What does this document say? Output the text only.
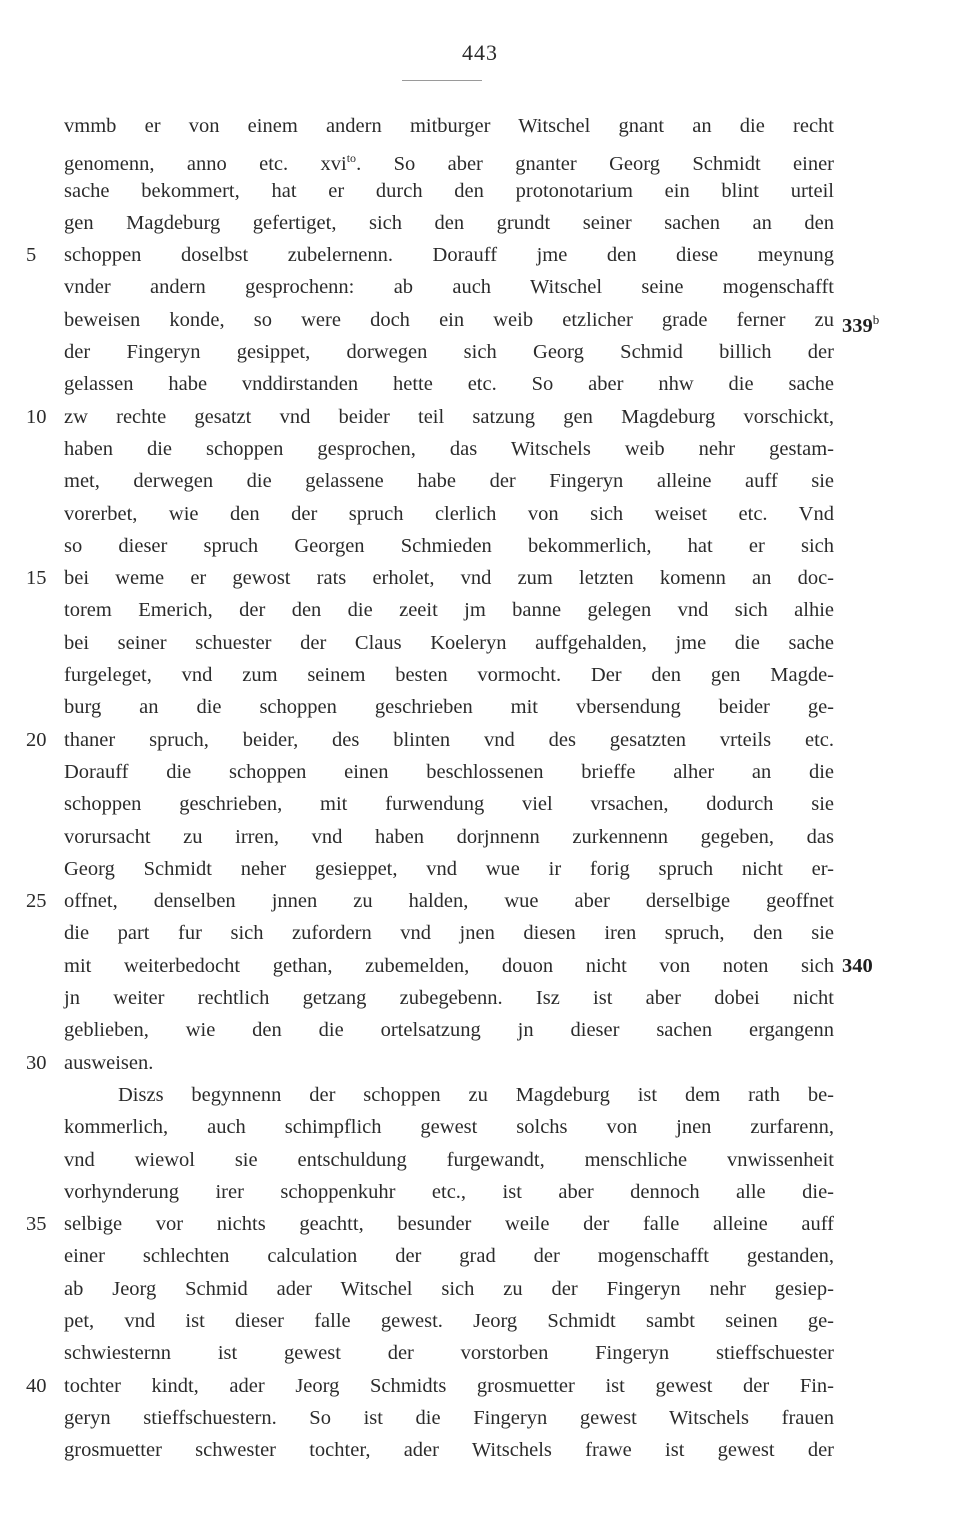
443
vmmb er von einem andern mitburger Witschel gnant an die recht
genomenn, anno etc. xvi$^{to}$. So aber gnanter Georg Schmidt einer
sache bekommert, hat er durch den protonotarium ein blint urteil
gen Magdeburg gefertiget, sich den grundt seiner sachen an den
5	schoppen doselbst zubelernenn. Dorauff jme den diese meynung
vnder andern gesprochenn: ab auch Witschel seine mogenschafft
beweisen konde, so were doch ein weib etzlicher grade ferner zu 339$^b$
der Fingeryn gesippet, dorwegen sich Georg Schmid billich der
gelassen habe vnddirstanden hette etc. So aber nhw die sache
10 zw rechte gesatzt vnd beider teil satzung gen Magdeburg vorschickt,
haben die schoppen gesprochen, das Witschels weib nehr gestam-
met, derwegen die gelassene habe der Fingeryn alleine auff sie
vorerbet, wie den der spruch clerlich von sich weiset etc. Vnd
so dieser spruch Georgen Schmieden bekommerlich, hat er sich
15 bei weme er gewost rats erholet, vnd zum letzten komenn an doc-
torem Emerich, der den die zeeit jm banne gelegen vnd sich alhie
bei seiner schuester der Claus Koeleryn auffgehalden, jme die sache
furgeleget, vnd zum seinem besten vormocht. Der den gen Magde-
burg an die schoppen geschrieben mit vbersendung beider ge-
20 thaner spruch, beider, des blinten vnd des gesatzten vrteils etc.
Dorauff die schoppen einen beschlossenen brieffe alher an die
schoppen geschrieben, mit furwendung viel vrsachen, dodurch sie
vorursacht zu irren, vnd haben dorjnnenn zurkennenn gegeben, das
Georg Schmidt neher gesieppet, vnd wue ir forig spruch nicht er-
25 offnet, denselben jnnen zu halden, wue aber derselbige geoffnet
die part fur sich zufordern vnd jnen diesen iren spruch, den sie
mit weiterbedocht gethan, zubemelden, douon nicht von noten sich 340
jn weiter rechtlich getzang zubegebenn. Isz ist aber dobei nicht
geblieben, wie den die ortelsatzung jn dieser sachen ergangenn
30 ausweisen.
Diszs begynnenn der schoppen zu Magdeburg ist dem rath be-
kommerlich, auch schimpflich gewest solchs von jnen zurfarenn,
vnd wiewol sie entschuldung furgewandt, menschliche vnwissenheit
vorhynderung irer schoppenkuhr etc., ist aber dennoch alle die-
35 selbige vor nichts geachtt, besunder weile der falle alleine auff
einer schlechten calculation der grad der mogenschafft gestanden,
ab Jeorg Schmid ader Witschel sich zu der Fingeryn nehr gesiep-
pet, vnd ist dieser falle gewest. Jeorg Schmidt sambt seinen ge-
schwiesternn ist gewest der vorstorben Fingeryn stieffschuester
40 tochter kindt, ader Jeorg Schmidts grosmuetter ist gewest der Fin-
geryn stieffschuestern. So ist die Fingeryn gewest Witschels frauen
grosmuetter schwester tochter, ader Witschels frawe ist gewest der
